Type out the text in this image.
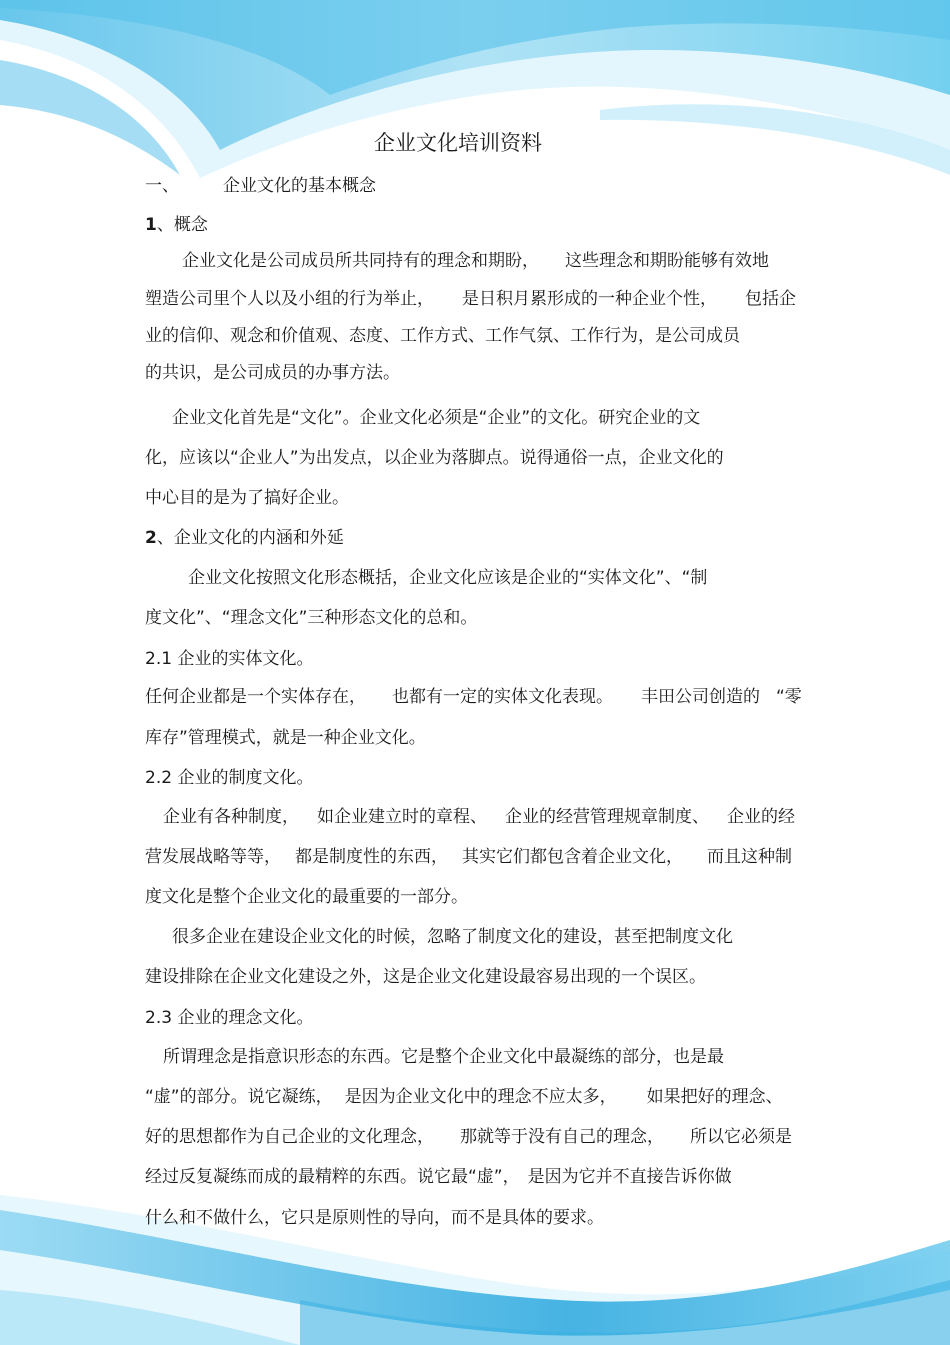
企业文化培训资料
一、	企业文化的基本概念
1、概念
企业文化是公司成员所共同持有的理念和期盼， 这些理念和期盼能够有效地
塑造公司里个人以及小组的行为举止， 是日积月累形成的一种企业个性， 包括企
业的信仰、观念和价值观、态度、工作方式、工作气氛、工作行为，是公司成员
的共识，是公司成员的办事方法。
企业文化首先是“文化”。企业文化必须是“企业”的文化。研究企业的文
化，应该以“企业人”为出发点，以企业为落脚点。说得通俗一点，企业文化的
中心目的是为了搞好企业。
2、企业文化的内涵和外延
企业文化按照文化形态概括，企业文化应该是企业的“实体文化”、“制
度文化”、“理念文化”三种形态文化的总和。
2.1 企业的实体文化。
任何企业都是一个实体存在， 也都有一定的实体文化表现。 丰田公司创造的 “零
库存”管理模式，就是一种企业文化。
2.2 企业的制度文化。
企业有各种制度， 如企业建立时的章程、 企业的经营管理规章制度、 企业的经
营发展战略等等， 都是制度性的东西， 其实它们都包含着企业文化， 而且这种制
度文化是整个企业文化的最重要的一部分。
很多企业在建设企业文化的时候，忽略了制度文化的建设，甚至把制度文化
建设排除在企业文化建设之外，这是企业文化建设最容易出现的一个误区。
2.3 企业的理念文化。
所谓理念是指意识形态的东西。它是整个企业文化中最凝练的部分，也是最
“虚”的部分。说它凝练， 是因为企业文化中的理念不应太多， 如果把好的理念、
好的思想都作为自己企业的文化理念， 那就等于没有自己的理念， 所以它必须是
经过反复凝练而成的最精粹的东西。说它最“虚”， 是因为它并不直接告诉你做
什么和不做什么，它只是原则性的导向，而不是具体的要求。
